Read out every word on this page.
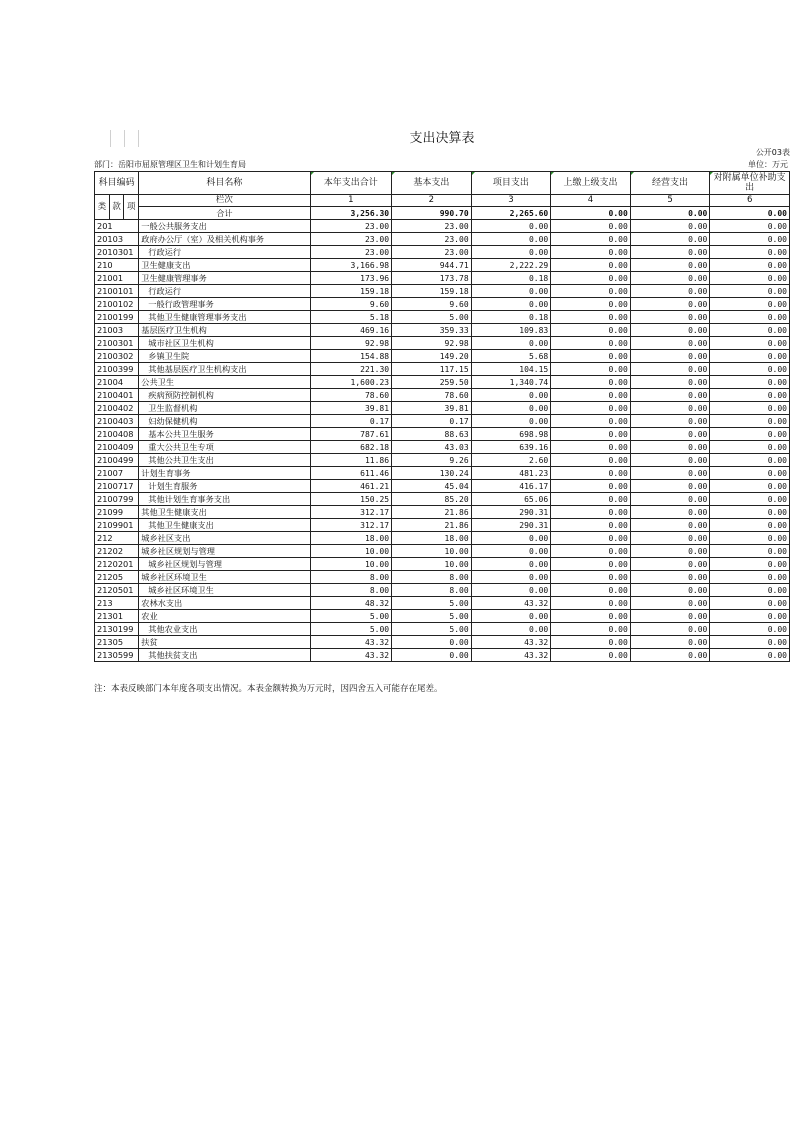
支出决算表
公开03表
部门：岳阳市屈原管理区卫生和计划生育局	单位：万元
科目编码			科目名称	本年支出合计	基本支出	项目支出	上缴上级支出	经营支出	对附属单位补助支出
类	款	项	栏次	1	2	3	4	5	6
			合计	3,256.30	990.70	2,265.60	0.00	0.00	0.00
201			一般公共服务支出	23.00	23.00	0.00	0.00	0.00	0.00
20103			政府办公厅（室）及相关机构事务	23.00	23.00	0.00	0.00	0.00	0.00
2010301			行政运行	23.00	23.00	0.00	0.00	0.00	0.00
210			卫生健康支出	3,166.98	944.71	2,222.29	0.00	0.00	0.00
21001			卫生健康管理事务	173.96	173.78	0.18	0.00	0.00	0.00
2100101			行政运行	159.18	159.18	0.00	0.00	0.00	0.00
2100102			一般行政管理事务	9.60	9.60	0.00	0.00	0.00	0.00
2100199			其他卫生健康管理事务支出	5.18	5.00	0.18	0.00	0.00	0.00
21003			基层医疗卫生机构	469.16	359.33	109.83	0.00	0.00	0.00
2100301			城市社区卫生机构	92.98	92.98	0.00	0.00	0.00	0.00
2100302			乡镇卫生院	154.88	149.20	5.68	0.00	0.00	0.00
2100399			其他基层医疗卫生机构支出	221.30	117.15	104.15	0.00	0.00	0.00
21004			公共卫生	1,600.23	259.50	1,340.74	0.00	0.00	0.00
2100401			疾病预防控制机构	78.60	78.60	0.00	0.00	0.00	0.00
2100402			卫生监督机构	39.81	39.81	0.00	0.00	0.00	0.00
2100403			妇幼保健机构	0.17	0.17	0.00	0.00	0.00	0.00
2100408			基本公共卫生服务	787.61	88.63	698.98	0.00	0.00	0.00
2100409			重大公共卫生专项	682.18	43.03	639.16	0.00	0.00	0.00
2100499			其他公共卫生支出	11.86	9.26	2.60	0.00	0.00	0.00
21007			计划生育事务	611.46	130.24	481.23	0.00	0.00	0.00
2100717			计划生育服务	461.21	45.04	416.17	0.00	0.00	0.00
2100799			其他计划生育事务支出	150.25	85.20	65.06	0.00	0.00	0.00
21099			其他卫生健康支出	312.17	21.86	290.31	0.00	0.00	0.00
2109901			其他卫生健康支出	312.17	21.86	290.31	0.00	0.00	0.00
212			城乡社区支出	18.00	18.00	0.00	0.00	0.00	0.00
21202			城乡社区规划与管理	10.00	10.00	0.00	0.00	0.00	0.00
2120201			城乡社区规划与管理	10.00	10.00	0.00	0.00	0.00	0.00
21205			城乡社区环境卫生	8.00	8.00	0.00	0.00	0.00	0.00
2120501			城乡社区环境卫生	8.00	8.00	0.00	0.00	0.00	0.00
213			农林水支出	48.32	5.00	43.32	0.00	0.00	0.00
21301			农业	5.00	5.00	0.00	0.00	0.00	0.00
2130199			其他农业支出	5.00	5.00	0.00	0.00	0.00	0.00
21305			扶贫	43.32	0.00	43.32	0.00	0.00	0.00
2130599			其他扶贫支出	43.32	0.00	43.32	0.00	0.00	0.00
注：本表反映部门本年度各项支出情况。本表金额转换为万元时，因四舍五入可能存在尾差。
